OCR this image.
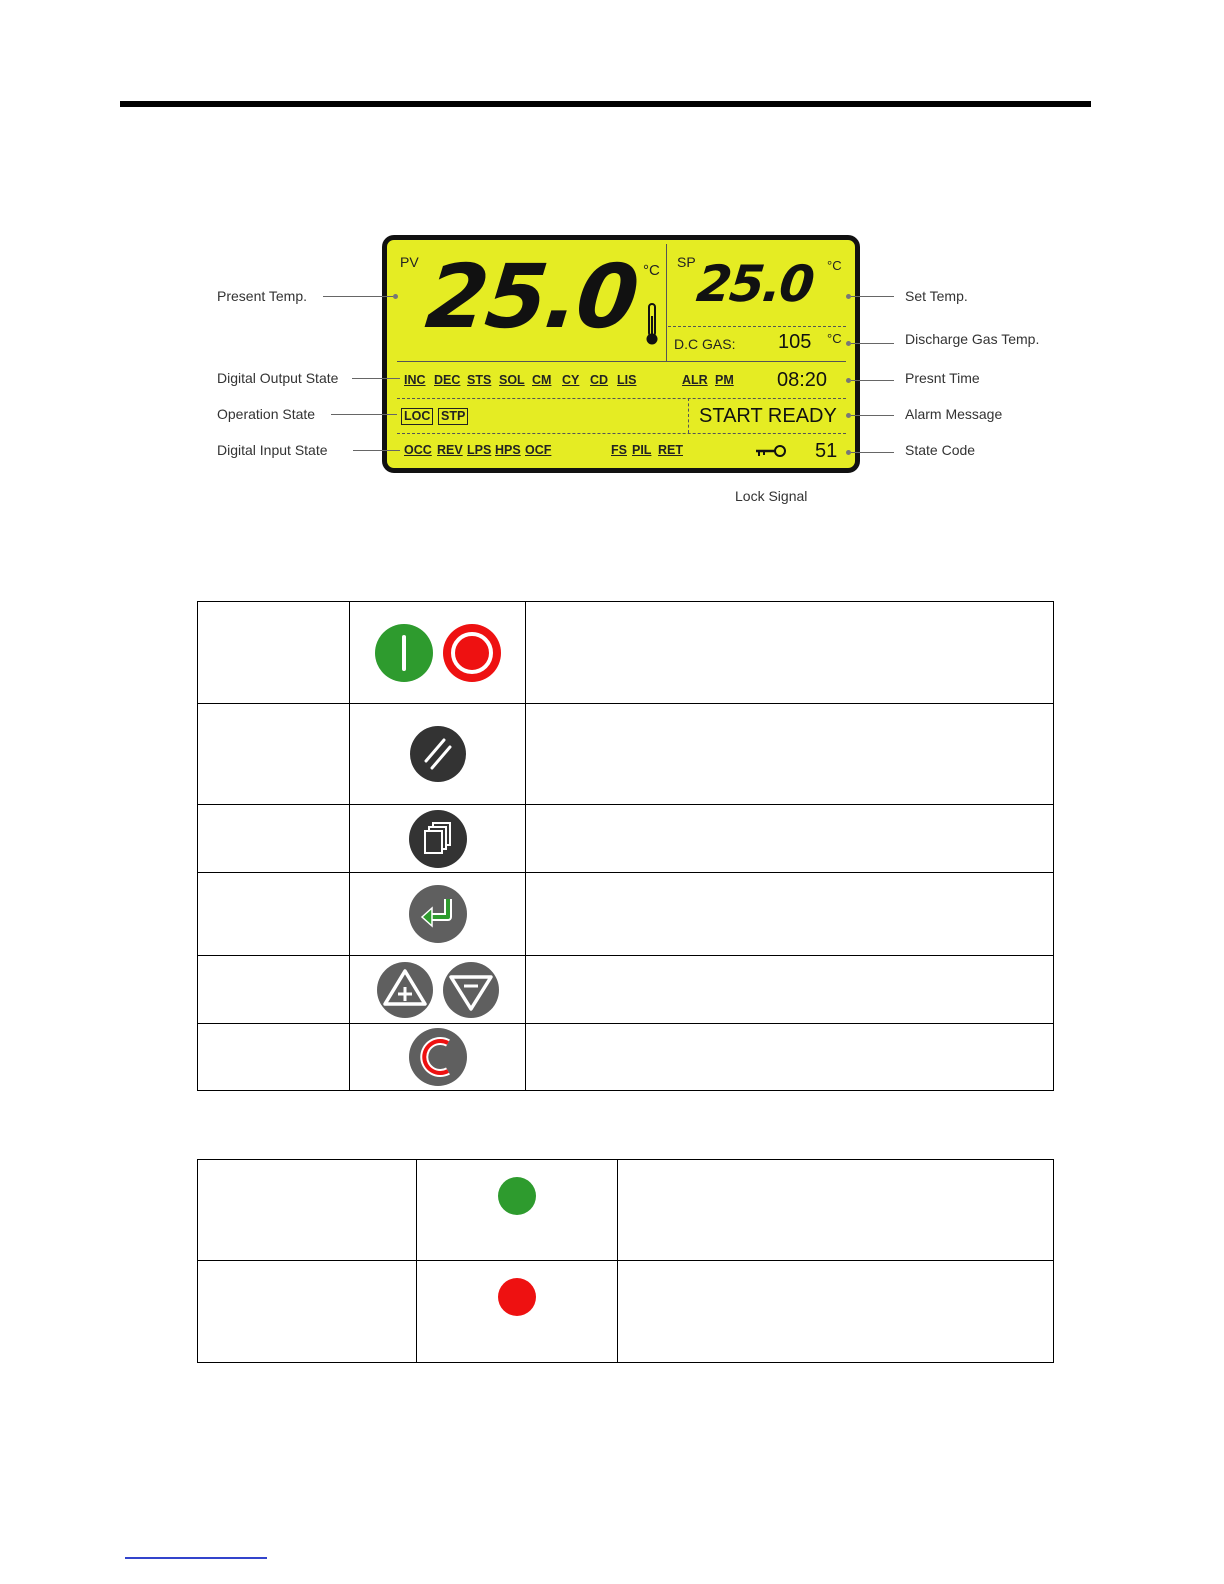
PV 25.0 °C SP
25.0 °C
D.C GAS: 105 °C
INC DEC STS SOL CM CY CD LIS	ALR PM 08:20
LOC STP	START READY
OCC REV LPS HPS OCF	FS PIL RET	51
Present Temp.
Digital Output State
Operation State
Digital Input State
Set Temp.
Discharge Gas Temp.
Presnt Time
Alarm Message
State Code
Lock Signal
